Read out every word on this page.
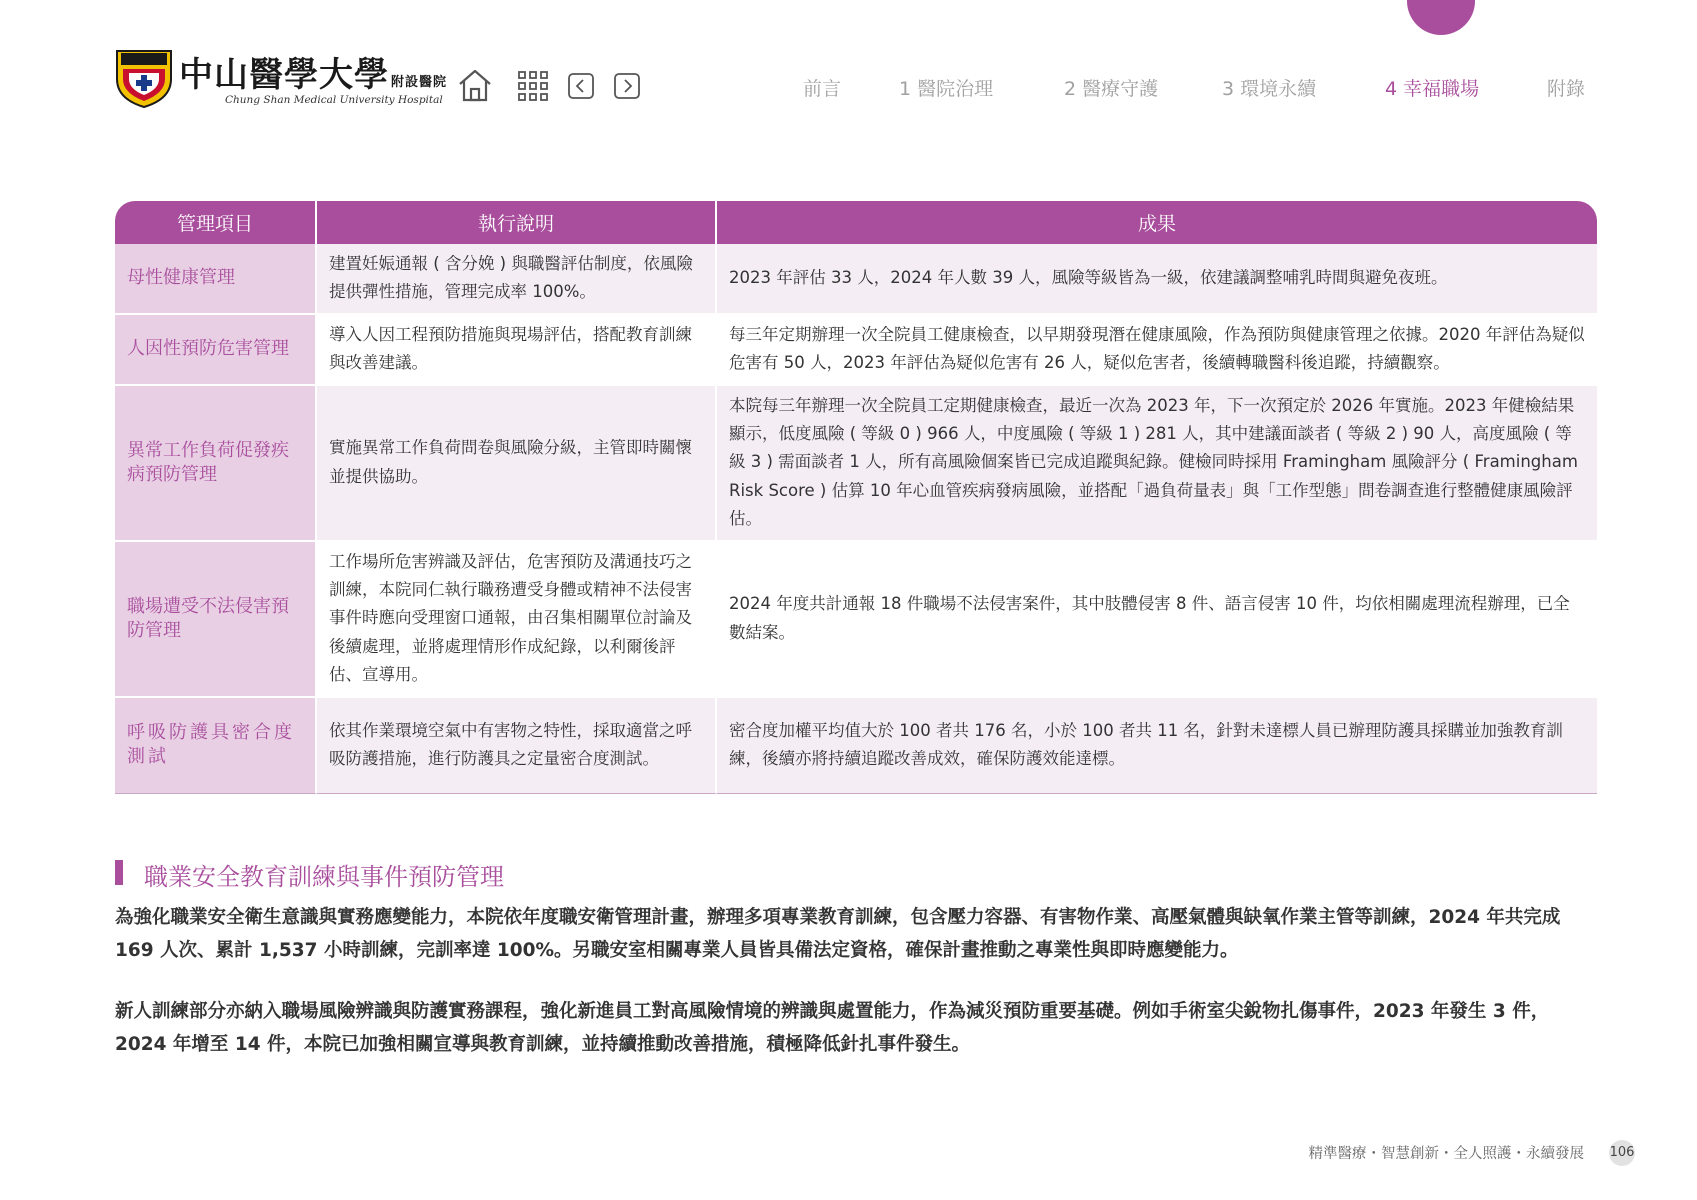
中山醫學大學 附設醫院
Chung Shan Medical University Hospital	前言	1 醫院治理	2 醫療守護	3 環境永續	4 幸福職場	附錄
管理項目	執行說明	成果
母性健康管理	建置妊娠通報 ( 含分娩 ) 與職醫評估制度，依風險提供彈性措施，管理完成率 100%。	2023 年評估 33 人，2024 年人數 39 人，風險等級皆為一級，依建議調整哺乳時間與避免夜班。
人因性預防危害管理	導入人因工程預防措施與現場評估，搭配教育訓練與改善建議。	每三年定期辦理一次全院員工健康檢查，以早期發現潛在健康風險，作為預防與健康管理之依據。2020 年評估為疑似危害有 50 人，2023 年評估為疑似危害有 26 人，疑似危害者，後續轉職醫科後追蹤，持續觀察。
異常工作負荷促發疾病預防管理	實施異常工作負荷問卷與風險分級，主管即時關懷並提供協助。	本院每三年辦理一次全院員工定期健康檢查，最近一次為 2023 年，下一次預定於 2026 年實施。2023 年健檢結果顯示，低度風險 ( 等級 0 ) 966 人，中度風險 ( 等級 1 ) 281 人，其中建議面談者 ( 等級 2 ) 90 人，高度風險 ( 等級 3 ) 需面談者 1 人，所有高風險個案皆已完成追蹤與紀錄。健檢同時採用 Framingham 風險評分 ( Framingham Risk Score ) 估算 10 年心血管疾病發病風險，並搭配「過負荷量表」與「工作型態」問卷調查進行整體健康風險評估。
職場遭受不法侵害預防管理	工作場所危害辨識及評估，危害預防及溝通技巧之訓練，本院同仁執行職務遭受身體或精神不法侵害事件時應向受理窗口通報，由召集相關單位討論及後續處理，並將處理情形作成紀錄，以利爾後評估、宣導用。	2024 年度共計通報 18 件職場不法侵害案件，其中肢體侵害 8 件、語言侵害 10 件，均依相關處理流程辦理，已全數結案。
呼吸防護具密合度測試	依其作業環境空氣中有害物之特性，採取適當之呼吸防護措施，進行防護具之定量密合度測試。	密合度加權平均值大於 100 者共 176 名，小於 100 者共 11 名，針對未達標人員已辦理防護具採購並加強教育訓練，後續亦將持續追蹤改善成效，確保防護效能達標。
職業安全教育訓練與事件預防管理
為強化職業安全衛生意識與實務應變能力，本院依年度職安衛管理計畫，辦理多項專業教育訓練，包含壓力容器、有害物作業、高壓氣體與缺氧作業主管等訓練，2024 年共完成 169 人次、累計 1,537 小時訓練，完訓率達 100%。另職安室相關專業人員皆具備法定資格，確保計畫推動之專業性與即時應變能力。
新人訓練部分亦納入職場風險辨識與防護實務課程，強化新進員工對高風險情境的辨識與處置能力，作為減災預防重要基礎。例如手術室尖銳物扎傷事件，2023 年發生 3 件，2024 年增至 14 件，本院已加強相關宣導與教育訓練，並持續推動改善措施，積極降低針扎事件發生。
精準醫療・智慧創新・全人照護・永續發展 106
